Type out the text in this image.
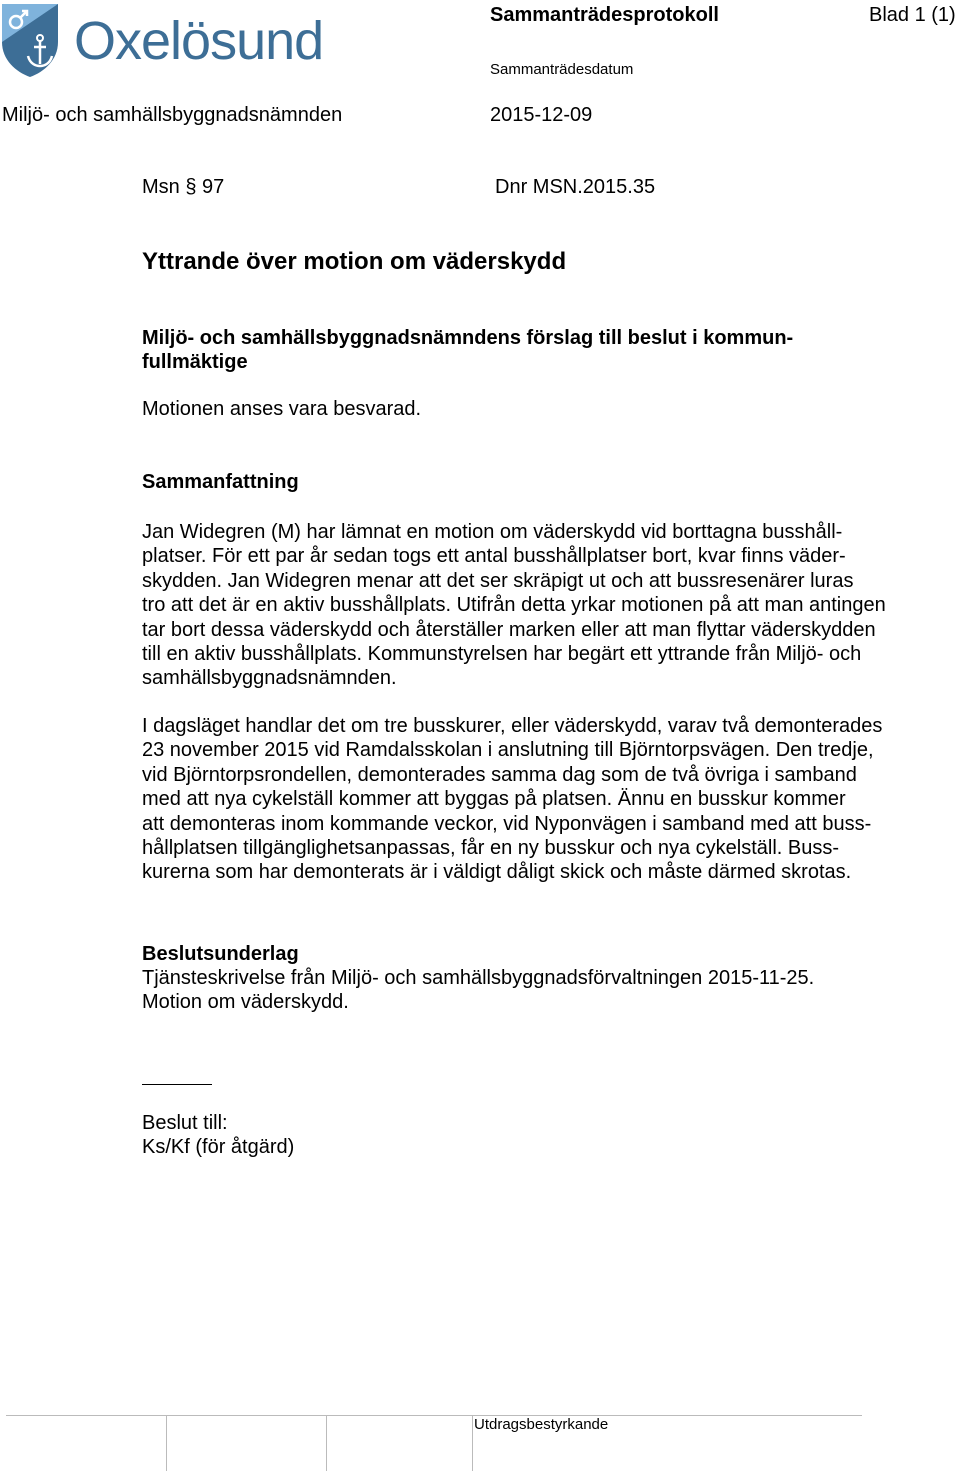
Oxelösund	Sammanträdesprotokoll	Blad 1 (1)
Sammanträdesdatum
Miljö- och samhällsbyggnadsnämnden	2015-12-09
Msn § 97	Dnr MSN.2015.35
Yttrande över motion om väderskydd
Miljö- och samhällsbyggnadsnämndens förslag till beslut i kommun-
fullmäktige
Motionen anses vara besvarad.
Sammanfattning
Jan Widegren (M) har lämnat en motion om väderskydd vid borttagna busshåll-
platser. För ett par år sedan togs ett antal busshållplatser bort, kvar finns väder-
skydden. Jan Widegren menar att det ser skräpigt ut och att bussresenärer luras
tro att det är en aktiv busshållplats. Utifrån detta yrkar motionen på att man antingen
tar bort dessa väderskydd och återställer marken eller att man flyttar väderskydden
till en aktiv busshållplats. Kommunstyrelsen har begärt ett yttrande från Miljö- och
samhällsbyggnadsnämnden.
I dagsläget handlar det om tre busskurer, eller väderskydd, varav två demonterades
23 november 2015 vid Ramdalsskolan i anslutning till Björntorpsvägen. Den tredje,
vid Björntorpsrondellen, demonterades samma dag som de två övriga i samband
med att nya cykelställ kommer att byggas på platsen. Ännu en busskur kommer
att demonteras inom kommande veckor, vid Nyponvägen i samband med att buss-
hållplatsen tillgänglighetsanpassas, får en ny busskur och nya cykelställ. Buss-
kurerna som har demonterats är i väldigt dåligt skick och måste därmed skrotas.
Beslutsunderlag
Tjänsteskrivelse från Miljö- och samhällsbyggnadsförvaltningen 2015-11-25.
Motion om väderskydd.
Beslut till:
Ks/Kf (för åtgärd)
Utdragsbestyrkande
